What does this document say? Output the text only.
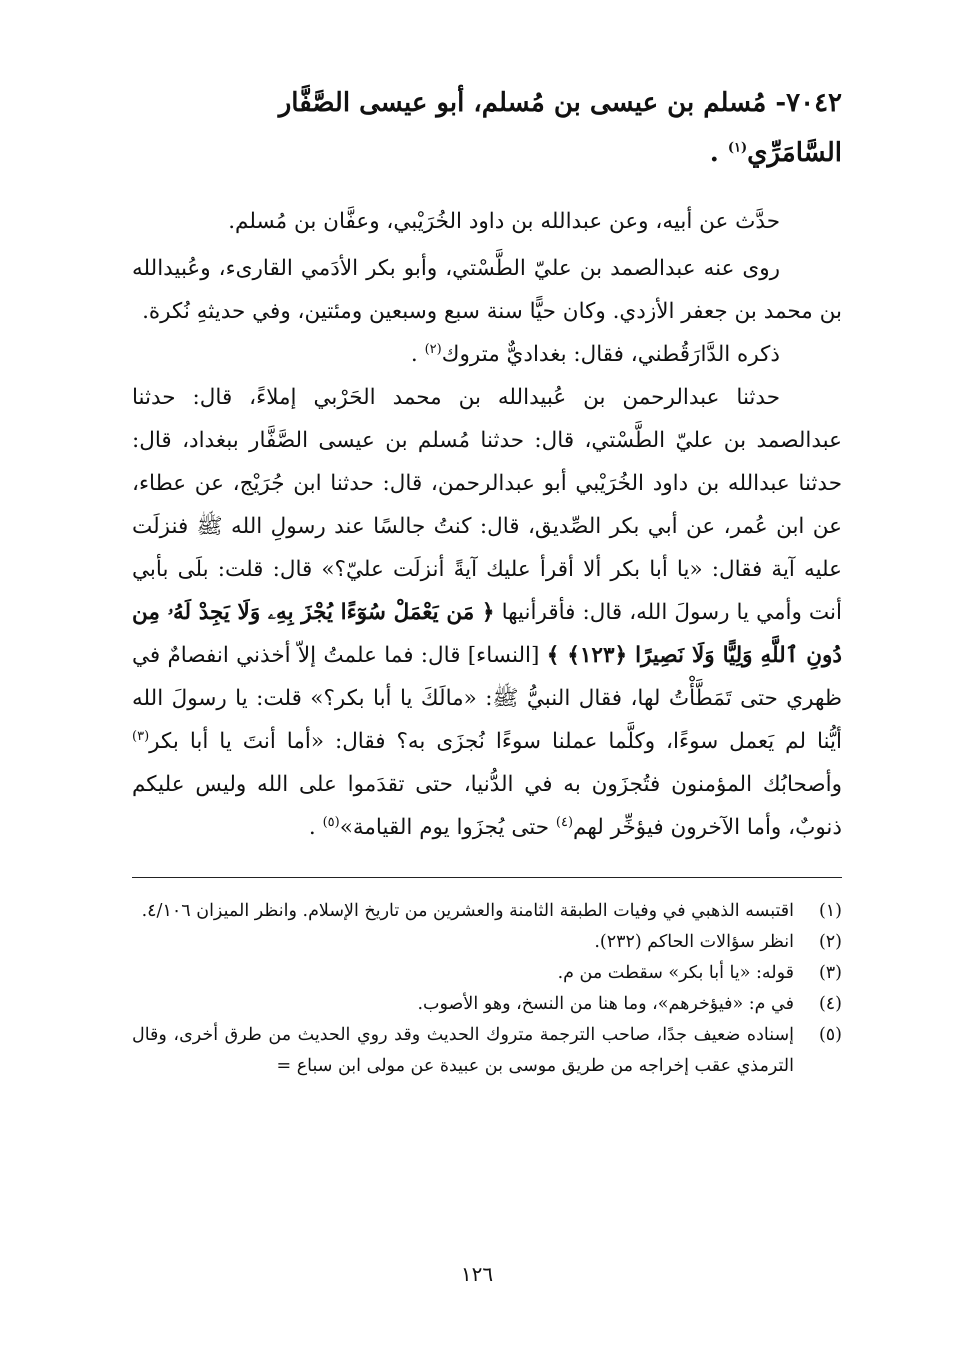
٧٠٤٢- مُسلم بن عيسى بن مُسلم، أبو عيسى الصَّفَّار
السَّامَرِّي$^{(١)}$ .

حدَّث عن أبيه، وعن عبدالله بن داود الخُرَيْبي، وعفَّان بن مُسلم.

روى عنه عبدالصمد بن عليّ الطَّسْتي، وأبو بكر الأدَمي القارىء، وعُبيدالله بن محمد بن جعفر الأزدي. وكان حيًّا سنة سبع وسبعين ومئتين، وفي حديثهِ نُكرة.

ذكره الدَّارَقُطني، فقال: بغداديٌّ متروك$^{(٢)}$ .

حدثنا عبدالرحمن بن عُبيدالله بن محمد الحَرْبي إملاءً، قال: حدثنا عبدالصمد بن عليّ الطَّسْتي، قال: حدثنا مُسلم بن عيسى الصَّفَّار ببغداد، قال: حدثنا عبدالله بن داود الخُرَيْبي أبو عبدالرحمن، قال: حدثنا ابن جُرَيْج، عن عطاء، عن ابن عُمر، عن أبي بكر الصِّديق، قال: كنتُ جالسًا عند رسولِ الله ﷺ فنزلَت عليه آية فقال: «يا أبا بكر ألا أقرأ عليك آيةً أنزلَت عليّ؟» قال: قلت: بلَى بأبي أنت وأمي يا رسولَ الله، قال: فأقرأنيها ﴿ مَن يَعْمَلْ سُوٓءًا يُجْزَ بِهِۦ وَلَا يَجِدْ لَهُۥ مِن دُونِ ٱللَّهِ وَلِيًّا وَلَا نَصِيرًا ﴿١٢٣﴾ ﴾ [النساء] قال: فما علمتُ إلاّ أخذني انفصامٌ في ظهري حتى تَمَطَّأْتُ لها، فقال النبيُّ ﷺ: «مالَكَ يا أبا بكر؟» قلت: يا رسولَ الله أيُّنا لم يَعمل سوءًا، وكلَّما عملنا سوءًا نُجزَى به؟ فقال: «أما أنتَ يا أبا بكر$^{(٣)}$ وأصحابُك المؤمنون فتُجزَون به في الدُّنيا، حتى تقدَموا على الله وليس عليكم ذنوبٌ، وأما الآخرون فيؤخِّر لهم$^{(٤)}$ حتى يُجزَوا يوم القيامة»$^{(٥)}$ .

(١)
اقتبسه الذهبي في وفيات الطبقة الثامنة والعشرين من تاريخ الإسلام. وانظر الميزان ٤/١٠٦.
(٢)
انظر سؤالات الحاكم (٢٣٢).
(٣)
قوله: «يا أبا بكر» سقطت من م.
(٤)
في م: «فيؤخرهم»، وما هنا من النسخ، وهو الأصوب.
(٥)
إسناده ضعيف جدًا، صاحب الترجمة متروك الحديث وقد روي الحديث من طرق أخرى، وقال الترمذي عقب إخراجه من طريق موسى بن عبيدة عن مولى ابن سباع =
١٢٦
